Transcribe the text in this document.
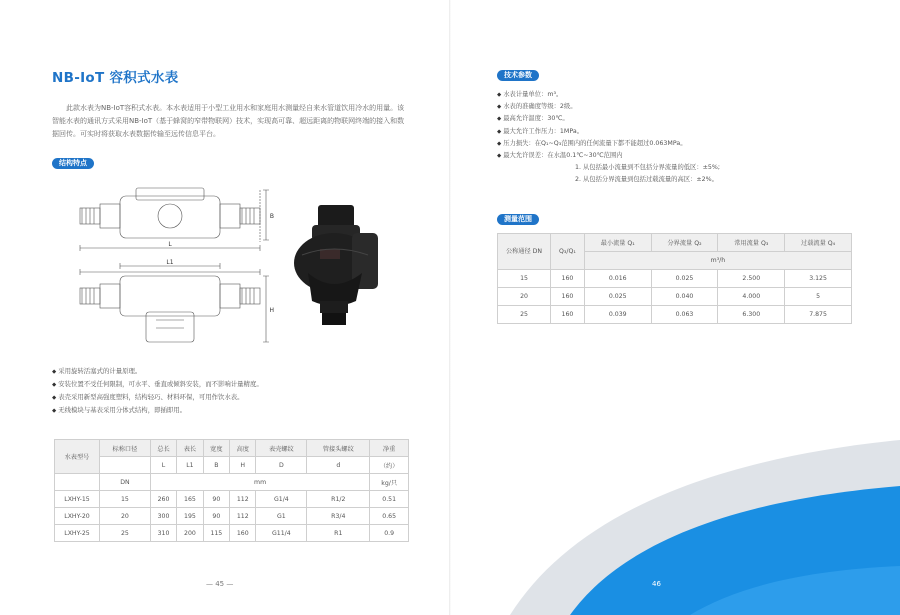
NB-IoT 容积式水表
此款水表为NB-IoT容积式水表。本水表适用于小型工业用水和家庭用水测量经自来水管道饮用冷水的用量。该智能水表的通讯方式采用NB-IoT（基于蜂窝的窄带物联网）技术，实现高可靠、超远距离的物联网终端的接入和数据回传。可实时将获取水表数据传输至远传信息平台。
结构特点
L
L1
B
H
◆ 采用旋转活塞式的计量原理。
◆ 安装位置不受任何限制，可水平、垂直或倾斜安装，而不影响计量精度。
◆ 表壳采用新型高强度塑料，结构轻巧、材料环保，可用作饮水表。
◆ 无线模块与基表采用分体式结构，即插即用。
水表型号	标称口径	总长	表长	宽度	高度	表壳螺纹	管接头螺纹	净重
		L	L1	B	H	D	d	（约）
	DN	mm						kg/只
LXHY-15	15	260	165	90	112	G1/4	R1/2	0.51
LXHY-20	20	300	195	90	112	G1	R3/4	0.65
LXHY-25	25	310	200	115	160	G11/4	R1	0.9
— 45 —	46
技术参数
◆ 水表计量单位：m³。
◆ 水表的准确度等级：2级。
◆ 最高允许温度：30℃。
◆ 最大允许工作压力：1MPa。
◆ 压力损失：在Q₁~Q₃范围内的任何流量下都不能超过0.063MPa。
◆ 最大允许误差：在水温0.1℃~30℃范围内
1. 从包括最小流量到不包括分界流量的低区：±5%;
2. 从包括分界流量到包括过载流量的高区：±2%。
测量范围
公称通径 DN	Q₃/Q₁	最小流量 Q₁	分界流量 Q₂	常用流量 Q₃	过载流量 Q₄
		m³/h			
15	160	0.016	0.025	2.500	3.125
20	160	0.025	0.040	4.000	5
25	160	0.039	0.063	6.300	7.875
